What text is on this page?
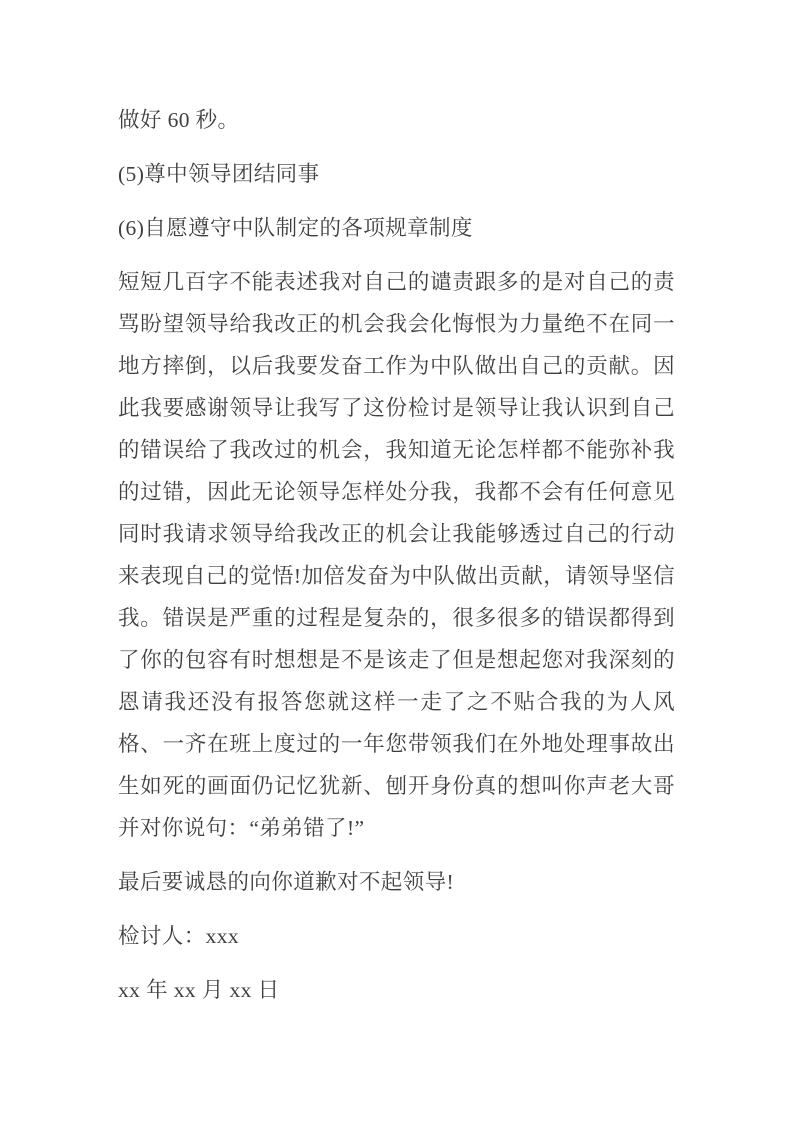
做好 60 秒。

(5)尊中领导团结同事

(6)自愿遵守中队制定的各项规章制度

短短几百字不能表述我对自己的谴责跟多的是对自己的责骂盼望领导给我改正的机会我会化悔恨为力量绝不在同一地方摔倒，以后我要发奋工作为中队做出自己的贡献。因此我要感谢领导让我写了这份检讨是领导让我认识到自己的错误给了我改过的机会，我知道无论怎样都不能弥补我的过错，因此无论领导怎样处分我，我都不会有任何意见同时我请求领导给我改正的机会让我能够透过自己的行动来表现自己的觉悟!加倍发奋为中队做出贡献，请领导坚信我。错误是严重的过程是复杂的，很多很多的错误都得到了你的包容有时想想是不是该走了但是想起您对我深刻的恩请我还没有报答您就这样一走了之不贴合我的为人风格、一齐在班上度过的一年您带领我们在外地处理事故出生如死的画面仍记忆犹新、刨开身份真的想叫你声老大哥并对你说句：“弟弟错了!”

最后要诚恳的向你道歉对不起领导!

检讨人：xxx

xx 年 xx 月 xx 日
